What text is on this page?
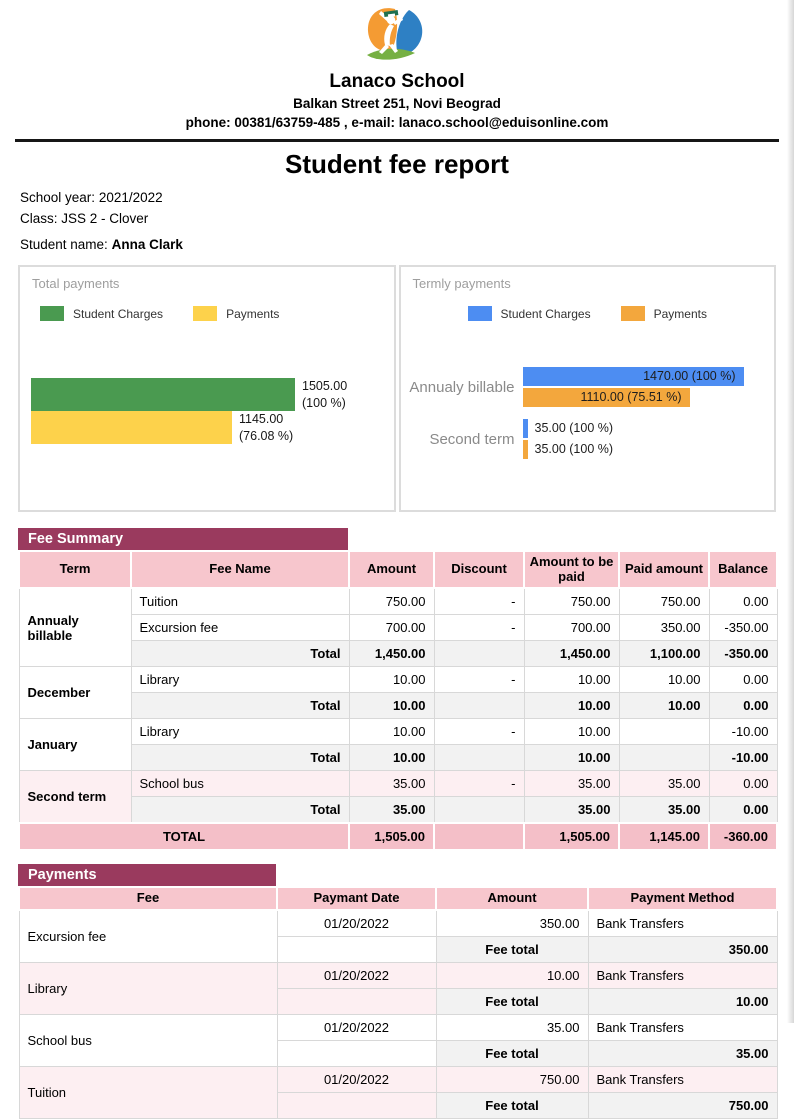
Lanaco School
Balkan Street 251, Novi Beograd
phone: 00381/63759-485 , e-mail: lanaco.school@eduisonline.com
Student fee report
School year: 2021/2022
Class: JSS 2 - Clover
Student name: Anna Clark
Total payments
Student Charges	Payments
1505.00
(100 %)
1145.00
(76.08 %)
Termly payments
Student Charges	Payments
Annualy billable
1470.00 (100 %)
1110.00 (75.51 %)
Second term
35.00 (100 %)
35.00 (100 %)
Fee Summary
Term	Fee Name	Amount	Discount	Amount to be paid	Paid amount	Balance
Annualy billable	Tuition	750.00	-	750.00	750.00	0.00
	Excursion fee	700.00	-	700.00	350.00	-350.00
	Total	1,450.00		1,450.00	1,100.00	-350.00
December	Library	10.00	-	10.00	10.00	0.00
	Total	10.00		10.00	10.00	0.00
January	Library	10.00	-	10.00		-10.00
	Total	10.00		10.00		-10.00
Second term	School bus	35.00	-	35.00	35.00	0.00
	Total	35.00		35.00	35.00	0.00
TOTAL		1,505.00		1,505.00	1,145.00	-360.00
Payments
Fee	Paymant Date	Amount	Payment Method
Excursion fee	01/20/2022	350.00	Bank Transfers
		Fee total	350.00
Library	01/20/2022	10.00	Bank Transfers
		Fee total	10.00
School bus	01/20/2022	35.00	Bank Transfers
		Fee total	35.00
Tuition	01/20/2022	750.00	Bank Transfers
		Fee total	750.00
